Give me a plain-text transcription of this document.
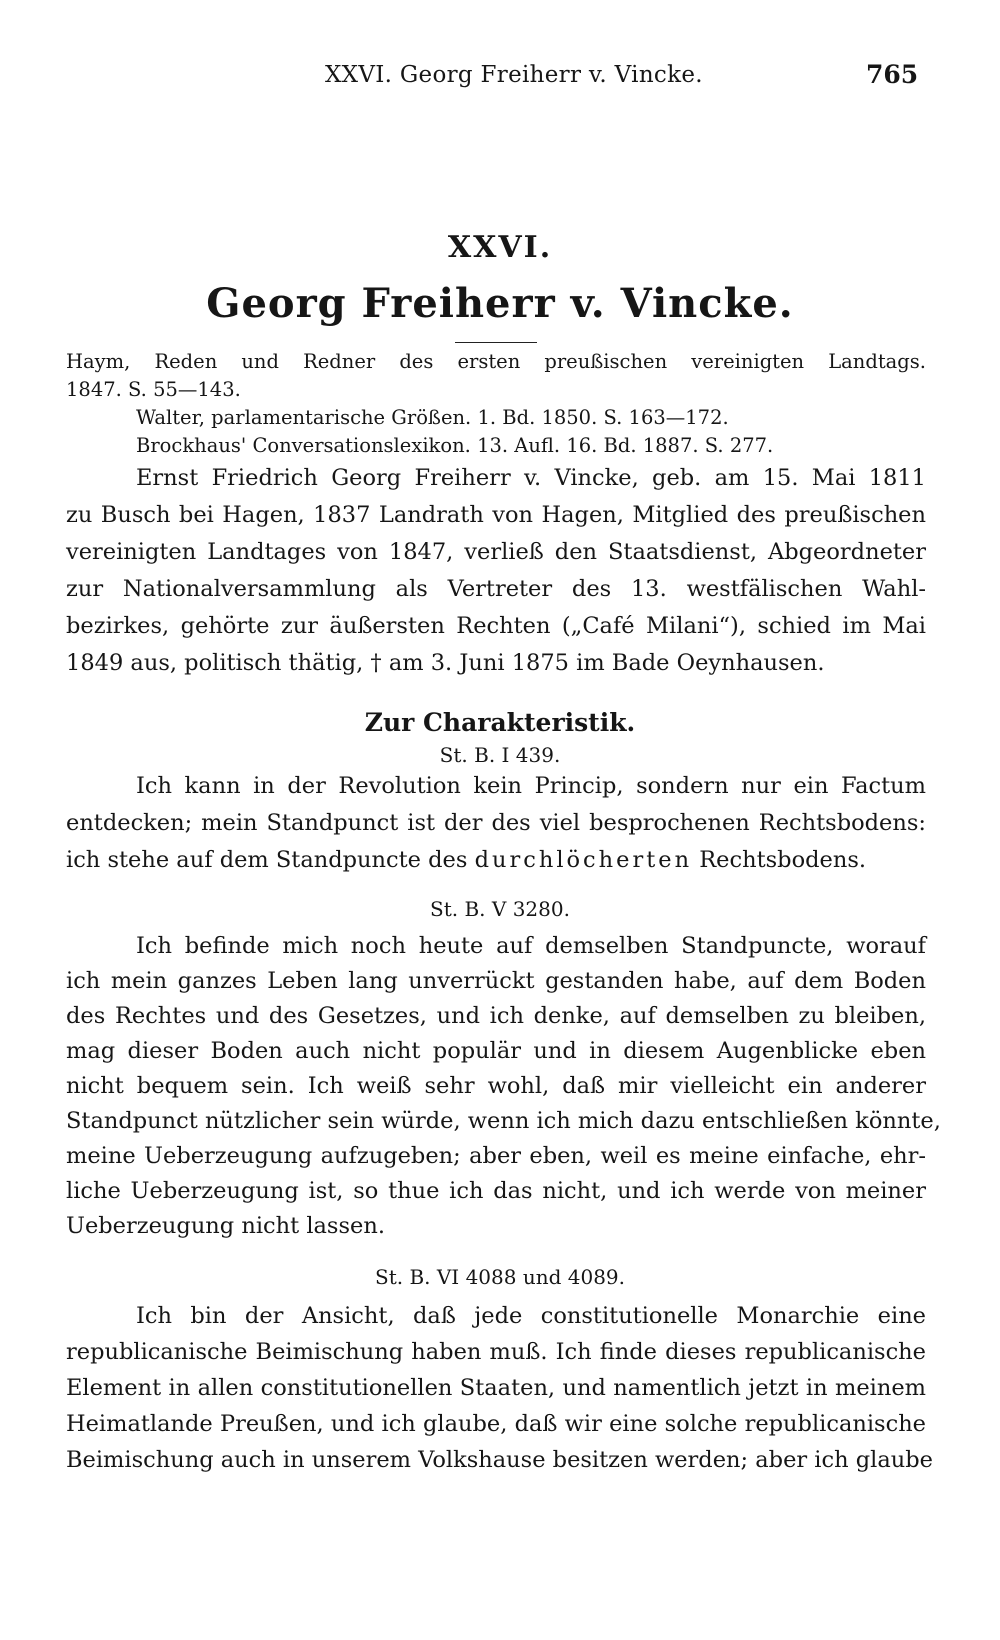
XXVI. Georg Freiherr v. Vincke.	765
XXVI.
Georg Freiherr v. Vincke.
Haym, Reden und Redner des ersten preußischen vereinigten Landtags.
1847. S. 55—143.
Walter, parlamentarische Größen. 1. Bd. 1850. S. 163—172.
Brockhaus' Conversationslexikon. 13. Aufl. 16. Bd. 1887. S. 277.
Ernst Friedrich Georg Freiherr v. Vincke, geb. am 15. Mai 1811
zu Busch bei Hagen, 1837 Landrath von Hagen, Mitglied des preußischen
vereinigten Landtages von 1847, verließ den Staatsdienst, Abgeordneter
zur Nationalversammlung als Vertreter des 13. westfälischen Wahl-
bezirkes, gehörte zur äußersten Rechten („Café Milani“), schied im Mai
1849 aus, politisch thätig, † am 3. Juni 1875 im Bade Oeynhausen.
Zur Charakteristik.
St. B. I 439.
Ich kann in der Revolution kein Princip, sondern nur ein Factum
entdecken; mein Standpunct ist der des viel besprochenen Rechtsbodens:
ich stehe auf dem Standpuncte des durchlöcherten Rechtsbodens.
St. B. V 3280.
Ich befinde mich noch heute auf demselben Standpuncte, worauf
ich mein ganzes Leben lang unverrückt gestanden habe, auf dem Boden
des Rechtes und des Gesetzes, und ich denke, auf demselben zu bleiben,
mag dieser Boden auch nicht populär und in diesem Augenblicke eben
nicht bequem sein. Ich weiß sehr wohl, daß mir vielleicht ein anderer
Standpunct nützlicher sein würde, wenn ich mich dazu entschließen könnte,
meine Ueberzeugung aufzugeben; aber eben, weil es meine einfache, ehr-
liche Ueberzeugung ist, so thue ich das nicht, und ich werde von meiner
Ueberzeugung nicht lassen.
St. B. VI 4088 und 4089.
Ich bin der Ansicht, daß jede constitutionelle Monarchie eine
republicanische Beimischung haben muß. Ich finde dieses republicanische
Element in allen constitutionellen Staaten, und namentlich jetzt in meinem
Heimatlande Preußen, und ich glaube, daß wir eine solche republicanische
Beimischung auch in unserem Volkshause besitzen werden; aber ich glaube
